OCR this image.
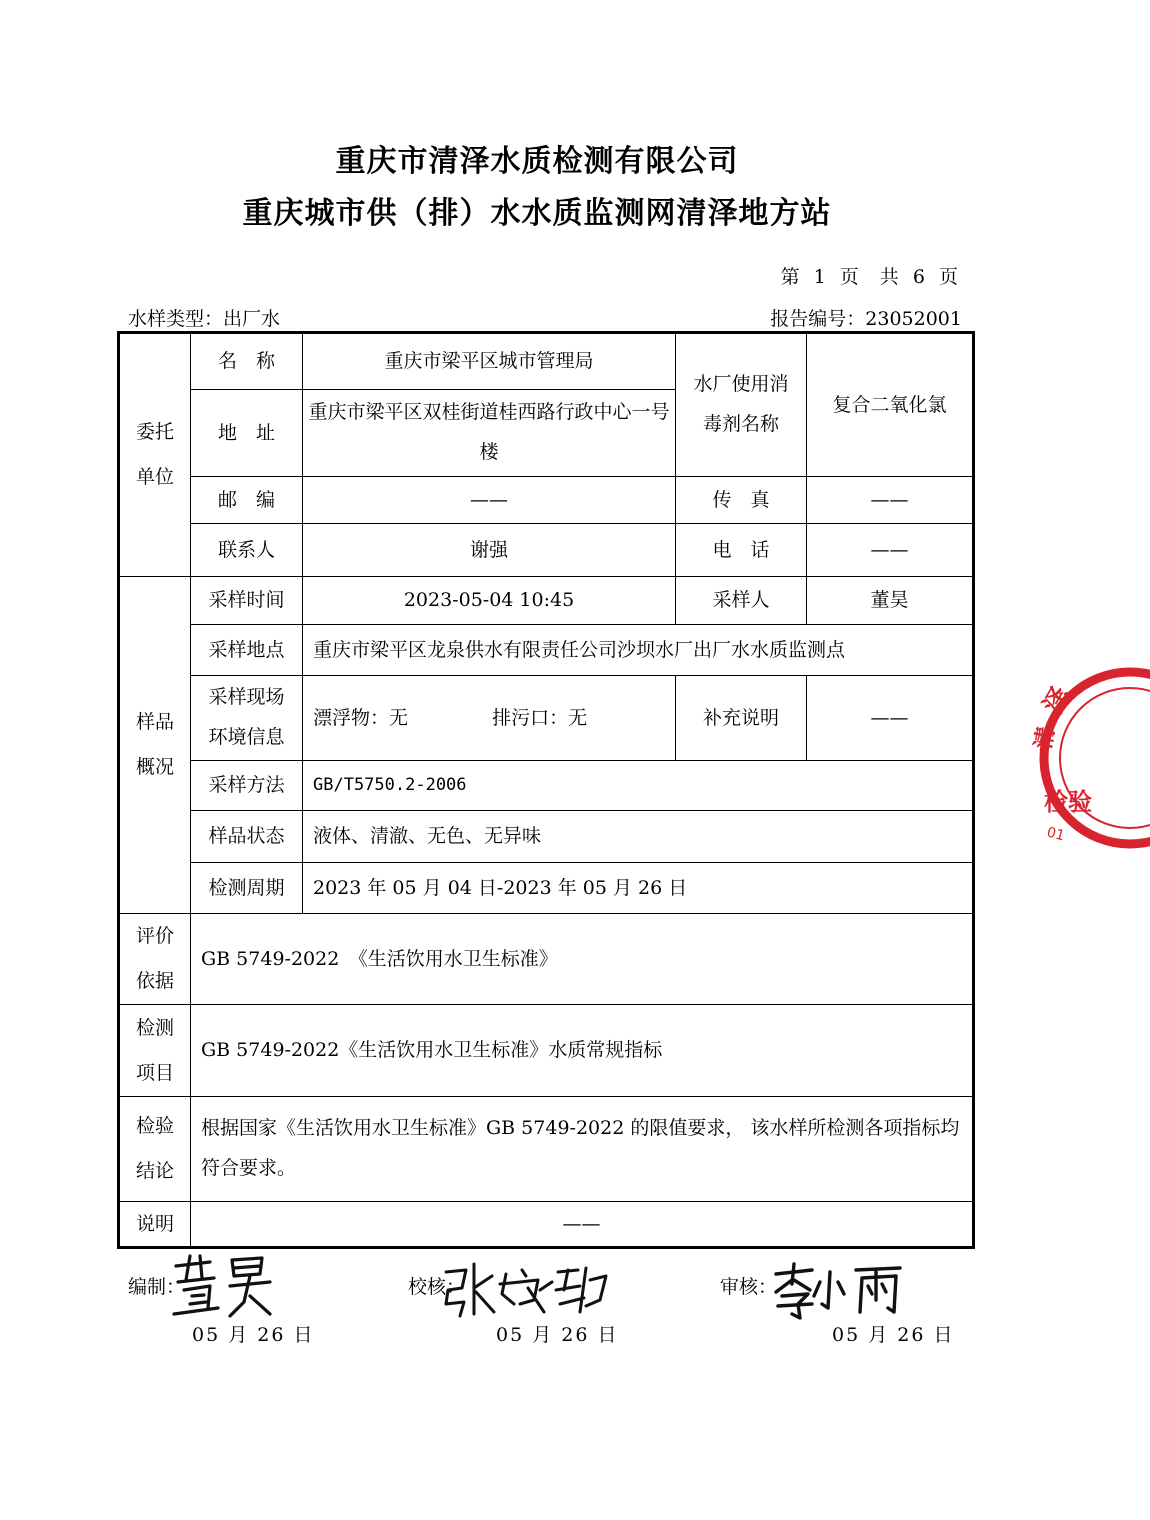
重庆市清泽水质检测有限公司
重庆城市供（排）水水质监测网清泽地方站
第 1 页　共 6 页
水样类型：出厂水	报告编号：23052001
委托单位	名　称	重庆市梁平区城市管理局	水厂使用消毒剂名称	复合二氧化氯
	地　址	重庆市梁平区双桂街道桂西路行政中心一号楼		
	邮　编	——	传　真	——
	联系人	谢强	电　话	——

样品概况	采样时间	2023-05-04 10:45	采样人	董昊
	采样地点	重庆市梁平区龙泉供水有限责任公司沙坝水厂出厂水水质监测点		

	采样现场环境信息	漂浮物：无 排污口：无	补充说明	——
	采样方法	GB/T5750.2-2006		
	样品状态	液体、清澈、无色、无异味		
	检测周期	2023 年 05 月 04 日-2023 年 05 月 26 日		

评价依据	GB 5749-2022　《生活饮用水卫生标准》			

检测项目	GB 5749-2022《生活饮用水卫生标准》水质常规指标			

检验结论	根据国家《生活饮用水卫生标准》GB 5749-2022 的限值要求， 该水样所检测各项指标均符合要求。			
说明	——			
编制：	校核：	审核：
05 月 26 日	05 月 26 日	05 月 26 日
泽
清
检验
01
